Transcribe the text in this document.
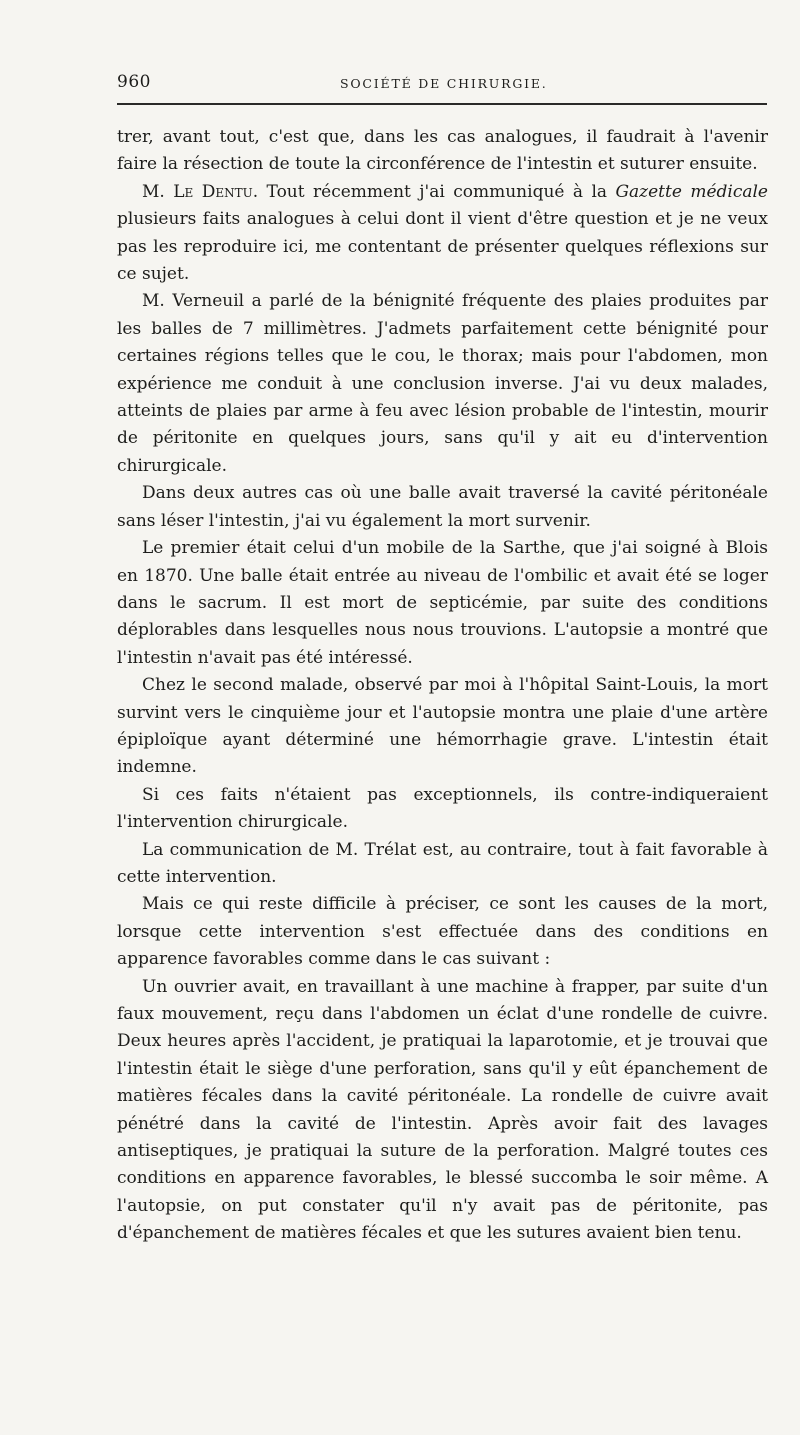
960	SOCIÉTÉ DE CHIRURGIE.

trer, avant tout, c'est que, dans les cas analogues, il faudrait à l'avenir faire la résection de toute la circonférence de l'intestin et suturer ensuite.

M. Le Dentu. Tout récemment j'ai communiqué à la Gazette médicale plusieurs faits analogues à celui dont il vient d'être question et je ne veux pas les reproduire ici, me contentant de présenter quelques réflexions sur ce sujet.

M. Verneuil a parlé de la bénignité fréquente des plaies produites par les balles de 7 millimètres. J'admets parfaitement cette bénignité pour certaines régions telles que le cou, le thorax; mais pour l'abdomen, mon expérience me conduit à une conclusion inverse. J'ai vu deux malades, atteints de plaies par arme à feu avec lésion probable de l'intestin, mourir de péritonite en quelques jours, sans qu'il y ait eu d'intervention chirurgicale.

Dans deux autres cas où une balle avait traversé la cavité péritonéale sans léser l'intestin, j'ai vu également la mort survenir.

Le premier était celui d'un mobile de la Sarthe, que j'ai soigné à Blois en 1870. Une balle était entrée au niveau de l'ombilic et avait été se loger dans le sacrum. Il est mort de septicémie, par suite des conditions déplorables dans lesquelles nous nous trouvions. L'autopsie a montré que l'intestin n'avait pas été intéressé.

Chez le second malade, observé par moi à l'hôpital Saint-Louis, la mort survint vers le cinquième jour et l'autopsie montra une plaie d'une artère épiploïque ayant déterminé une hémorrhagie grave. L'intestin était indemne.

Si ces faits n'étaient pas exceptionnels, ils contre-indiqueraient l'intervention chirurgicale.

La communication de M. Trélat est, au contraire, tout à fait favorable à cette intervention.

Mais ce qui reste difficile à préciser, ce sont les causes de la mort, lorsque cette intervention s'est effectuée dans des conditions en apparence favorables comme dans le cas suivant :

Un ouvrier avait, en travaillant à une machine à frapper, par suite d'un faux mouvement, reçu dans l'abdomen un éclat d'une rondelle de cuivre. Deux heures après l'accident, je pratiquai la laparotomie, et je trouvai que l'intestin était le siège d'une perforation, sans qu'il y eût épanchement de matières fécales dans la cavité péritonéale. La rondelle de cuivre avait pénétré dans la cavité de l'intestin. Après avoir fait des lavages antiseptiques, je pratiquai la suture de la perforation. Malgré toutes ces conditions en apparence favorables, le blessé succomba le soir même. A l'autopsie, on put constater qu'il n'y avait pas de péritonite, pas d'épanchement de matières fécales et que les sutures avaient bien tenu.
